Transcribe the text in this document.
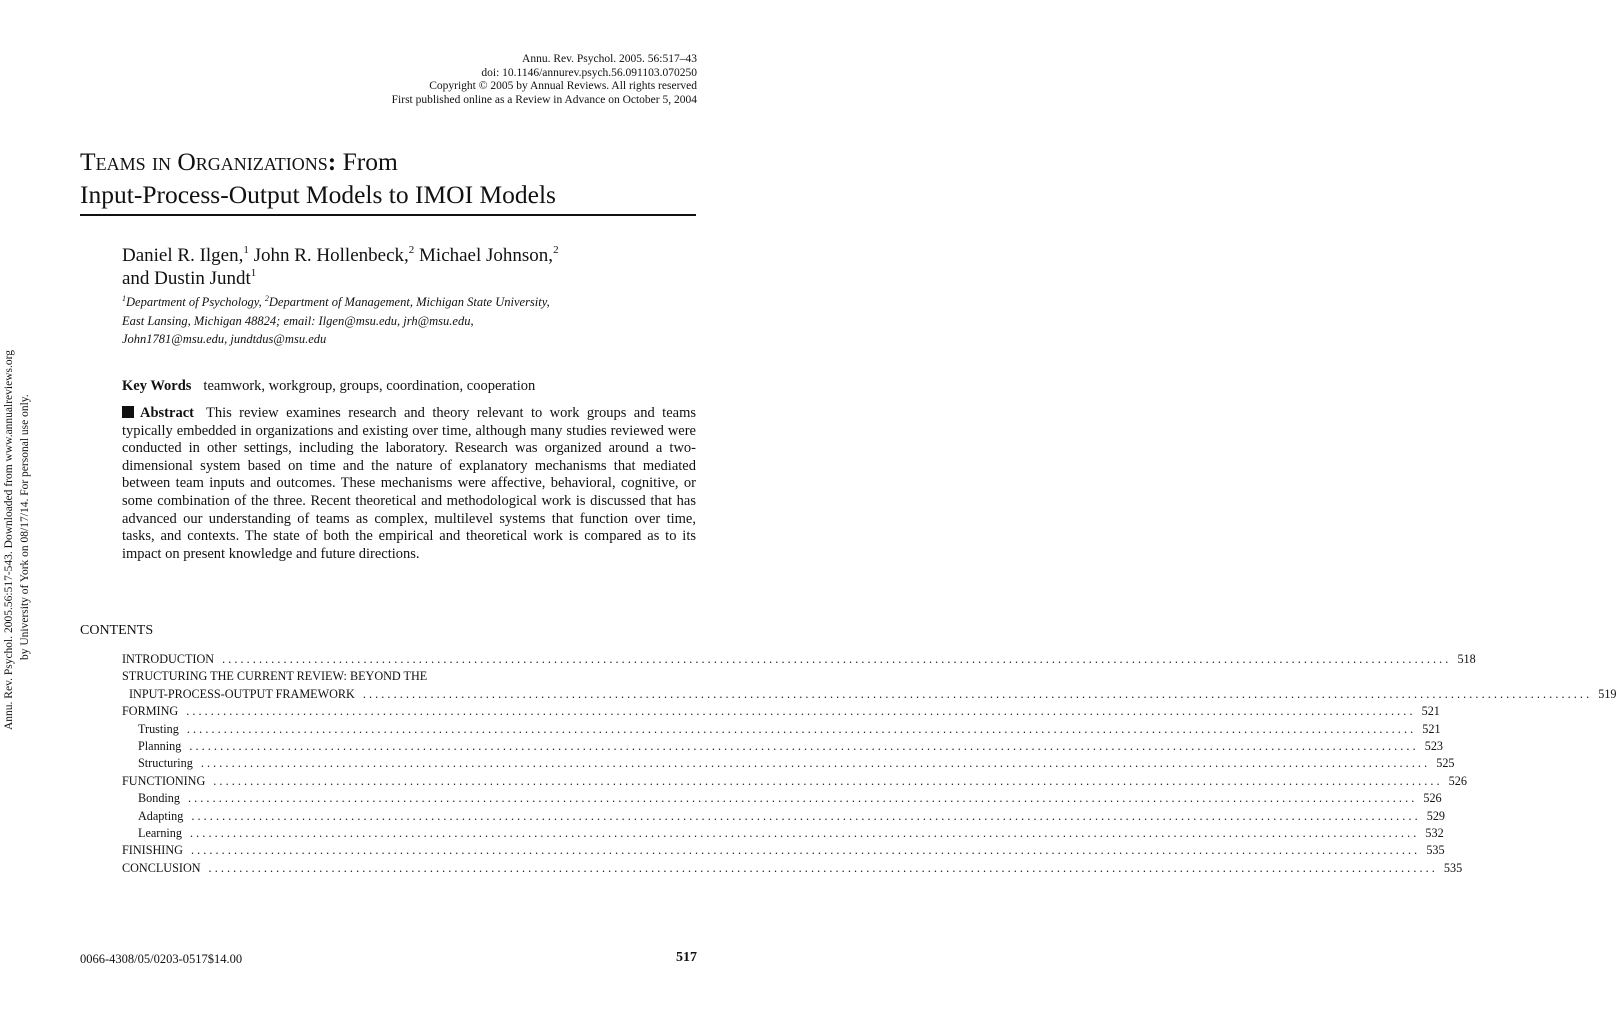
Annu. Rev. Psychol. 2005. 56:517–43
doi: 10.1146/annurev.psych.56.091103.070250
Copyright © 2005 by Annual Reviews. All rights reserved
First published online as a Review in Advance on October 5, 2004
Teams in Organizations: From
Input-Process-Output Models to IMOI Models
Daniel R. Ilgen,$^1$ John R. Hollenbeck,$^2$ Michael Johnson,$^2$
and Dustin Jundt$^1$
$^1$Department of Psychology, $^2$Department of Management, Michigan State University,
East Lansing, Michigan 48824; email: Ilgen@msu.edu, jrh@msu.edu,
John1781@msu.edu, jundtdus@msu.edu
Key Words teamwork, workgroup, groups, coordination, cooperation
Abstract This review examines research and theory relevant to work groups and teams typically embedded in organizations and existing over time, although many studies reviewed were conducted in other settings, including the laboratory. Research was organized around a two-dimensional system based on time and the nature of explanatory mechanisms that mediated between team inputs and outcomes. These mechanisms were affective, behavioral, cognitive, or some combination of the three. Recent theoretical and methodological work is discussed that has advanced our understanding of teams as complex, multilevel systems that function over time, tasks, and contexts. The state of both the empirical and theoretical work is compared as to its impact on present knowledge and future directions.
CONTENTS
INTRODUCTION ........................................................................................................................................................................................................ 518
STRUCTURING THE CURRENT REVIEW: BEYOND THE
INPUT-PROCESS-OUTPUT FRAMEWORK ........................................................................................................................................................................................................ 519
FORMING ........................................................................................................................................................................................................ 521
Trusting ........................................................................................................................................................................................................ 521
Planning ........................................................................................................................................................................................................ 523
Structuring ........................................................................................................................................................................................................ 525
FUNCTIONING ........................................................................................................................................................................................................ 526
Bonding ........................................................................................................................................................................................................ 526
Adapting ........................................................................................................................................................................................................ 529
Learning ........................................................................................................................................................................................................ 532
FINISHING ........................................................................................................................................................................................................ 535
CONCLUSION ........................................................................................................................................................................................................ 535
Annu. Rev. Psychol. 2005.56:517-543. Downloaded from www.annualreviews.org by University of York on 08/17/14. For personal use only.
0066-4308/05/0203-0517$14.00	517
